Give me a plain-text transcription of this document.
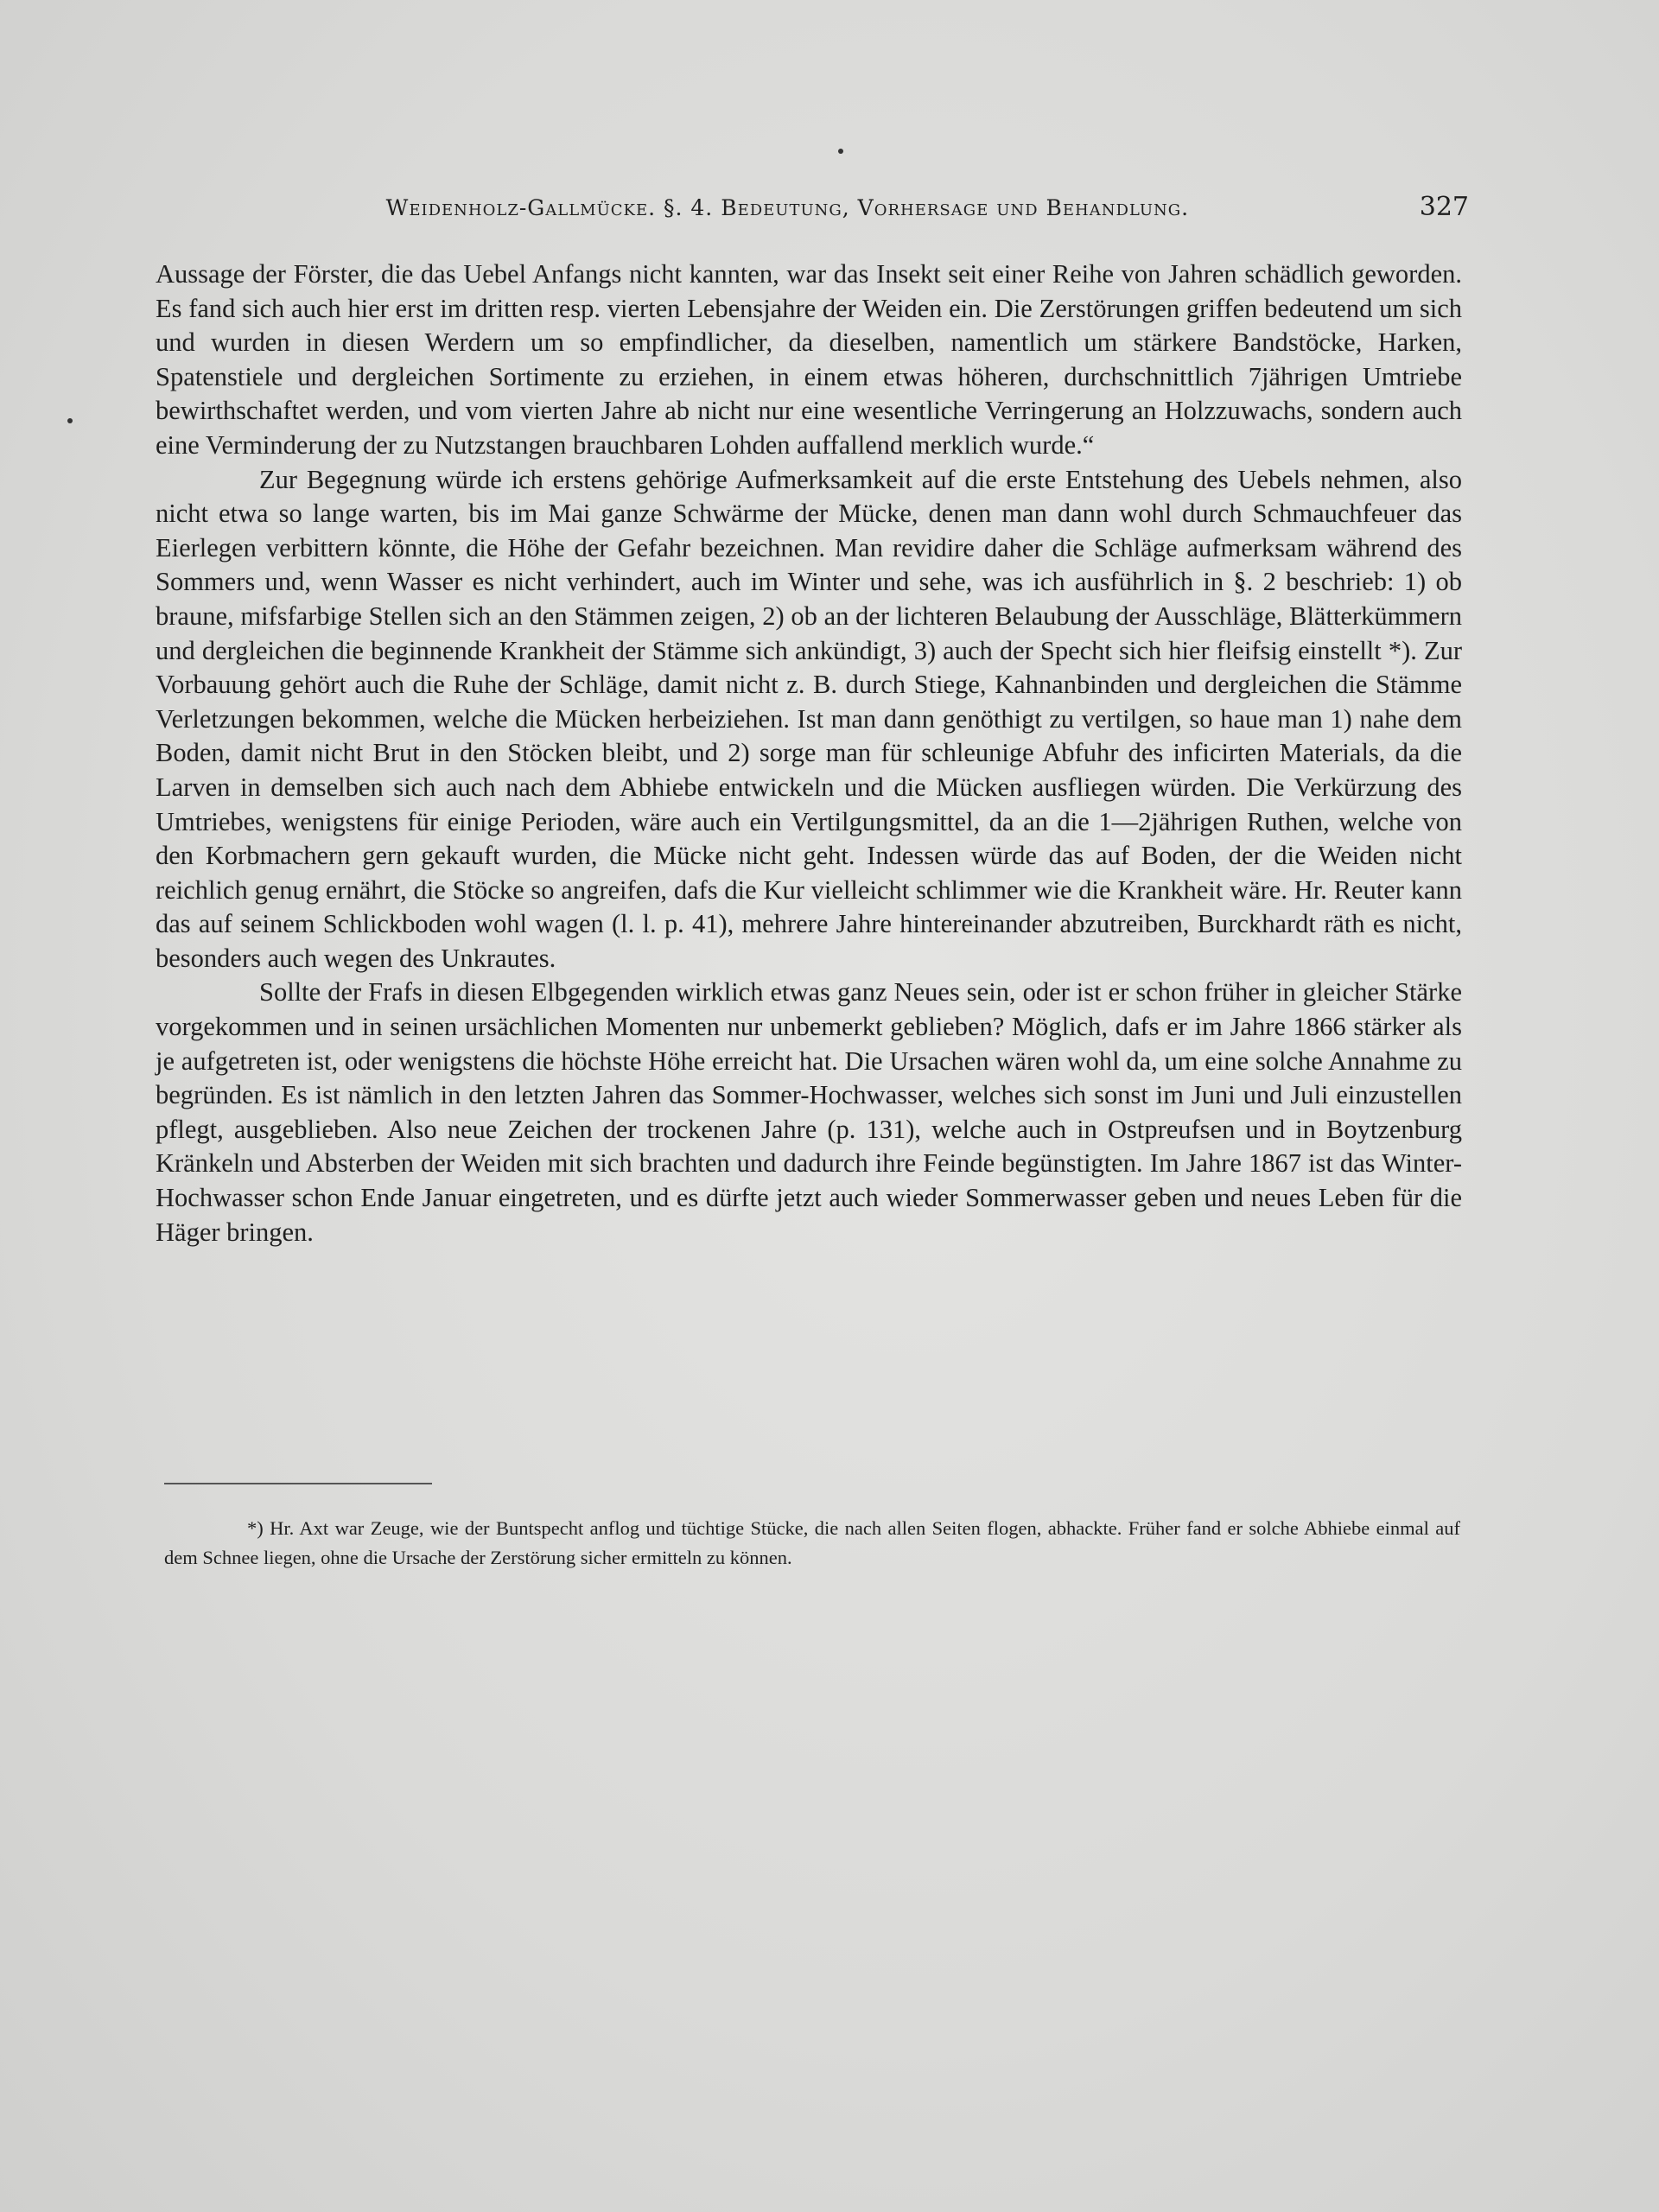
Weidenholz-Gallmücke. §. 4. Bedeutung, Vorhersage und Behandlung.	327

Aussage der Förster, die das Uebel Anfangs nicht kannten, war das Insekt seit einer Reihe von Jahren schädlich geworden. Es fand sich auch hier erst im dritten resp. vierten Lebensjahre der Weiden ein. Die Zerstörungen griffen bedeutend um sich und wurden in diesen Werdern um so empfindlicher, da dieselben, namentlich um stärkere Bandstöcke, Harken, Spatenstiele und dergleichen Sortimente zu erziehen, in einem etwas höheren, durchschnittlich 7jährigen Umtriebe bewirthschaftet werden, und vom vierten Jahre ab nicht nur eine wesentliche Verringerung an Holzzuwachs, sondern auch eine Verminderung der zu Nutzstangen brauchbaren Lohden auffallend merklich wurde.“

Zur Begegnung würde ich erstens gehörige Aufmerksamkeit auf die erste Entstehung des Uebels nehmen, also nicht etwa so lange warten, bis im Mai ganze Schwärme der Mücke, denen man dann wohl durch Schmauchfeuer das Eierlegen verbittern könnte, die Höhe der Gefahr bezeichnen. Man revidire daher die Schläge aufmerksam während des Sommers und, wenn Wasser es nicht verhindert, auch im Winter und sehe, was ich ausführlich in §. 2 beschrieb: 1) ob braune, mifsfarbige Stellen sich an den Stämmen zeigen, 2) ob an der lichteren Belaubung der Ausschläge, Blätterkümmern und dergleichen die beginnende Krankheit der Stämme sich ankündigt, 3) auch der Specht sich hier fleifsig einstellt *). Zur Vorbauung gehört auch die Ruhe der Schläge, damit nicht z. B. durch Stiege, Kahnanbinden und dergleichen die Stämme Verletzungen bekommen, welche die Mücken herbeiziehen. Ist man dann genöthigt zu vertilgen, so haue man 1) nahe dem Boden, damit nicht Brut in den Stöcken bleibt, und 2) sorge man für schleunige Abfuhr des inficirten Materials, da die Larven in demselben sich auch nach dem Abhiebe entwickeln und die Mücken ausfliegen würden. Die Verkürzung des Umtriebes, wenigstens für einige Perioden, wäre auch ein Vertilgungsmittel, da an die 1—2jährigen Ruthen, welche von den Korbmachern gern gekauft wurden, die Mücke nicht geht. Indessen würde das auf Boden, der die Weiden nicht reichlich genug ernährt, die Stöcke so angreifen, dafs die Kur vielleicht schlimmer wie die Krankheit wäre. Hr. Reuter kann das auf seinem Schlickboden wohl wagen (l. l. p. 41), mehrere Jahre hintereinander abzutreiben, Burckhardt räth es nicht, besonders auch wegen des Unkrautes.

Sollte der Frafs in diesen Elbgegenden wirklich etwas ganz Neues sein, oder ist er schon früher in gleicher Stärke vorgekommen und in seinen ursächlichen Momenten nur unbemerkt geblieben? Möglich, dafs er im Jahre 1866 stärker als je aufgetreten ist, oder wenigstens die höchste Höhe erreicht hat. Die Ursachen wären wohl da, um eine solche Annahme zu begründen. Es ist nämlich in den letzten Jahren das Sommer-Hochwasser, welches sich sonst im Juni und Juli einzustellen pflegt, ausgeblieben. Also neue Zeichen der trockenen Jahre (p. 131), welche auch in Ostpreufsen und in Boytzenburg Kränkeln und Absterben der Weiden mit sich brachten und dadurch ihre Feinde begünstigten. Im Jahre 1867 ist das Winter-Hochwasser schon Ende Januar eingetreten, und es dürfte jetzt auch wieder Sommerwasser geben und neues Leben für die Häger bringen.

*) Hr. Axt war Zeuge, wie der Buntspecht anflog und tüchtige Stücke, die nach allen Seiten flogen, abhackte. Früher fand er solche Abhiebe einmal auf dem Schnee liegen, ohne die Ursache der Zerstörung sicher ermitteln zu können.
